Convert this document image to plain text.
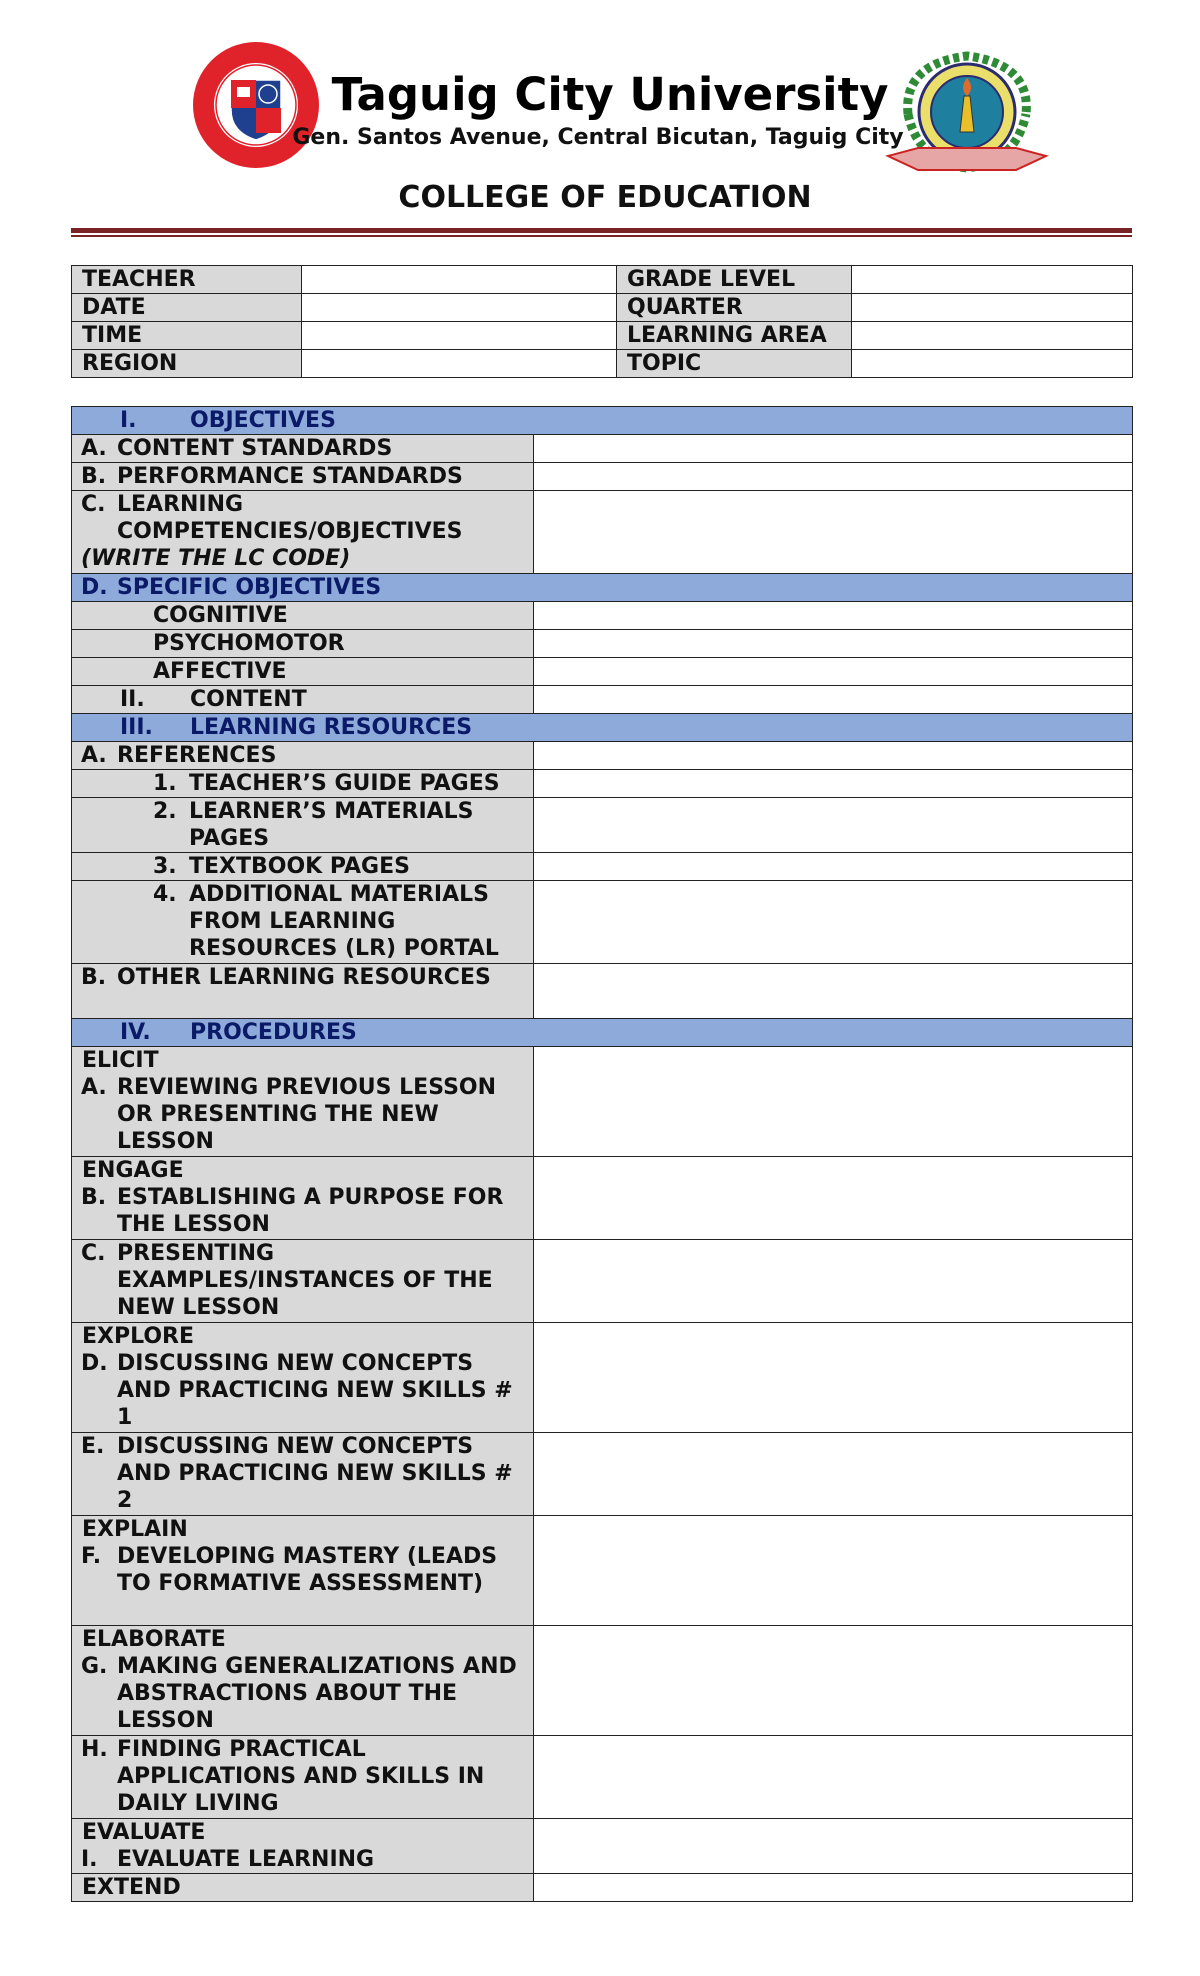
Taguig City University
Gen. Santos Avenue, Central Bicutan, Taguig City
COLLEGE OF EDUCATION
TEACHER		GRADE LEVEL	
DATE		QUARTER	
TIME		LEARNING AREA	
REGION		TOPIC	
I. OBJECTIVES	

A. CONTENT STANDARDS	

B. PERFORMANCE STANDARDS	

C. LEARNING COMPETENCIES/OBJECTIVES
(WRITE THE LC CODE)	

D. SPECIFIC OBJECTIVES	

COGNITIVE	

PSYCHOMOTOR	

AFFECTIVE	

II. CONTENT	
III. LEARNING RESOURCES	

A. REFERENCES	

1. TEACHER’S GUIDE PAGES	

2. LEARNER’S MATERIALS PAGES	

3. TEXTBOOK PAGES	

4. ADDITIONAL MATERIALS FROM LEARNING RESOURCES (LR) PORTAL	

B. OTHER LEARNING RESOURCES	

IV. PROCEDURES	

ELICIT
A. REVIEWING PREVIOUS LESSON OR PRESENTING THE NEW LESSON	

ENGAGE
B. ESTABLISHING A PURPOSE FOR THE LESSON	

C. PRESENTING EXAMPLES/INSTANCES OF THE NEW LESSON	

EXPLORE
D. DISCUSSING NEW CONCEPTS AND PRACTICING NEW SKILLS # 1	

E. DISCUSSING NEW CONCEPTS AND PRACTICING NEW SKILLS # 2	

EXPLAIN
F. DEVELOPING MASTERY (LEADS TO FORMATIVE ASSESSMENT)	

ELABORATE
G. MAKING GENERALIZATIONS AND ABSTRACTIONS ABOUT THE LESSON	

H. FINDING PRACTICAL APPLICATIONS AND SKILLS IN DAILY LIVING	

EVALUATE
I. EVALUATE LEARNING	

EXTEND	
